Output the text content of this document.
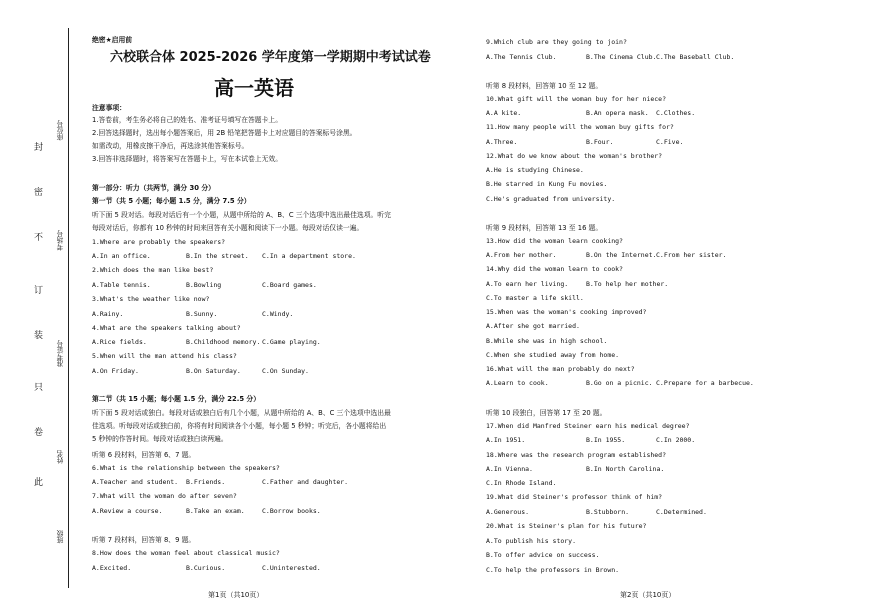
封
密
不
订
装
只
卷
此
座位号
考场号
准考证号
姓名
班级
绝密★启用前
六校联合体 2025-2026 学年度第一学期期中考试试卷
高一英语
注意事项：
1.答卷前，考生务必将自己的姓名、准考证号填写在答题卡上。
2.回答选择题时，选出每小题答案后，用 2B 铅笔把答题卡上对应题目的答案标号涂黑。
如需改动，用橡皮擦干净后，再选涂其他答案标号。
3.回答非选择题时，将答案写在答题卡上，写在本试卷上无效。
第一部分：听力（共两节，满分 30 分）
第一节（共 5 小题；每小题 1.5 分，满分 7.5 分）
听下面 5 段对话。每段对话后有一个小题，从题中所给的 A、B、C 三个选项中选出最佳选项。听完
每段对话后，你都有 10 秒钟的时间来回答有关小题和阅读下一小题。每段对话仅读一遍。
1.Where are probably the speakers?
A.In an office.	B.In the street. C.In a department store.
2.Which does the man like best?
A.Table tennis.	B.Bowling	C.Board games.
3.What's the weather like now?
A.Rainy.	B.Sunny.	C.Windy.
4.What are the speakers talking about?
A.Rice fields.	B.Childhood memory. C.Game playing.
5.When will the man attend his class?
A.On Friday.	B.On Saturday.	C.On Sunday.
第二节（共 15 小题；每小题 1.5 分，满分 22.5 分）
听下面 5 段对话或独白。每段对话或独白后有几个小题，从题中所给的 A、B、C 三个选项中选出最
佳选项。听每段对话或独白前，你将有时间阅读各个小题，每小题 5 秒钟；听完后，各小题将给出
5 秒钟的作答时间。每段对话或独白读两遍。
听第 6 段材料，回答第 6、7 题。
6.What is the relationship between the speakers?
A.Teacher and student. B.Friends.	C.Father and daughter.
7.What will the woman do after seven?
A.Review a course.	B.Take an exam.	C.Borrow books.
听第 7 段材料，回答第 8、9 题。
8.How does the woman feel about classical music?
A.Excited.	B.Curious.	C.Uninterested.
第1页（共10页）
9.Which club are they going to join?
A.The Tennis Club.	B.The Cinema Club. C.The Baseball Club.
听第 8 段材料，回答第 10 至 12 题。
10.What gift will the woman buy for her niece?
A.A kite.	B.An opera mask. C.Clothes.
11.How many people will the woman buy gifts for?
A.Three.	B.Four.	C.Five.
12.What do we know about the woman's brother?
A.He is studying Chinese.
B.He starred in Kung Fu movies.
C.He's graduated from university.
听第 9 段材料，回答第 13 至 16 题。
13.How did the woman learn cooking?
A.From her mother.	B.On the Internet. C.From her sister.
14.Why did the woman learn to cook?
A.To earn her living.	B.To help her mother.
C.To master a life skill.
15.When was the woman's cooking improved?
A.After she got married.
B.While she was in high school.
C.When she studied away from home.
16.What will the man probably do next?
A.Learn to cook.	B.Go on a picnic. C.Prepare for a barbecue.
听第 10 段独白，回答第 17 至 20 题。
17.When did Manfred Steiner earn his medical degree?
A.In 1951.	B.In 1955.	C.In 2000.
18.Where was the research program established?
A.In Vienna.	B.In North Carolina.
C.In Rhode Island.
19.What did Steiner's professor think of him?
A.Generous.	B.Stubborn.	C.Determined.
20.What is Steiner's plan for his future?
A.To publish his story.
B.To offer advice on success.
C.To help the professors in Brown.
第2页（共10页）
